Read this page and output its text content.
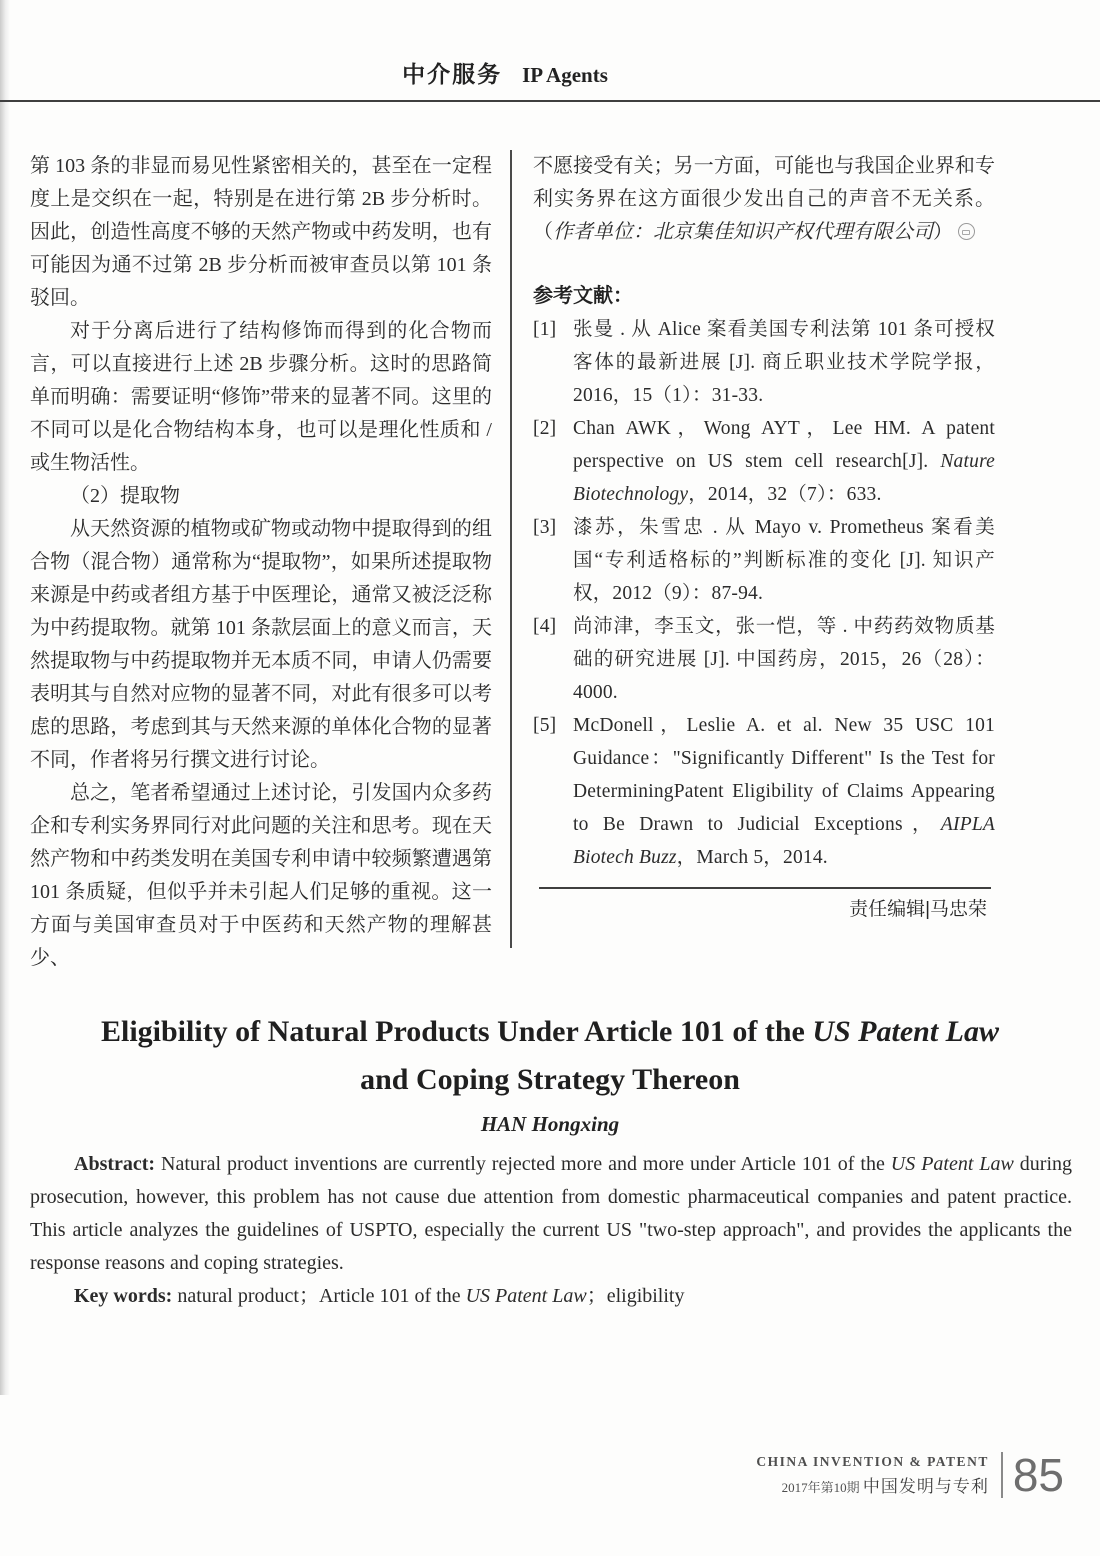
中介服务 IP Agents

第 103 条的非显而易见性紧密相关的，甚至在一定程度上是交织在一起，特别是在进行第 2B 步分析时。因此，创造性高度不够的天然产物或中药发明，也有可能因为通不过第 2B 步分析而被审查员以第 101 条驳回。

对于分离后进行了结构修饰而得到的化合物而言，可以直接进行上述 2B 步骤分析。这时的思路简单而明确：需要证明“修饰”带来的显著不同。这里的不同可以是化合物结构本身，也可以是理化性质和 / 或生物活性。

（2）提取物

从天然资源的植物或矿物或动物中提取得到的组合物（混合物）通常称为“提取物”，如果所述提取物来源是中药或者组方基于中医理论，通常又被泛泛称为中药提取物。就第 101 条款层面上的意义而言，天然提取物与中药提取物并无本质不同，申请人仍需要表明其与自然对应物的显著不同，对此有很多可以考虑的思路，考虑到其与天然来源的单体化合物的显著不同，作者将另行撰文进行讨论。

总之，笔者希望通过上述讨论，引发国内众多药企和专利实务界同行对此问题的关注和思考。现在天然产物和中药类发明在美国专利申请中较频繁遭遇第 101 条质疑，但似乎并未引起人们足够的重视。这一方面与美国审查员对于中医药和天然产物的理解甚少、

不愿接受有关；另一方面，可能也与我国企业界和专利实务界在这方面很少发出自己的声音不无关系。（作者单位：北京集佳知识产权代理有限公司）

参考文献：

[1] 张曼 . 从 Alice 案看美国专利法第 101 条可授权客体的最新进展 [J]. 商丘职业技术学院学报，2016，15（1）：31-33.
[2] Chan AWK，Wong AYT，Lee HM. A patent perspective on US stem cell research[J]. Nature Biotechnology，2014，32（7）：633.
[3] 漆苏，朱雪忠 . 从 Mayo v. Prometheus 案看美国“专利适格标的”判断标准的变化 [J]. 知识产权，2012（9）：87-94.
[4] 尚沛津，李玉文，张一恺，等 . 中药药效物质基础的研究进展 [J]. 中国药房，2015，26（28）：4000.
[5] McDonell，Leslie A. et al. New 35 USC 101 Guidance："Significantly Different" Is the Test for DeterminingPatent Eligibility of Claims Appearing to Be Drawn to Judicial Exceptions，AIPLA Biotech Buzz，March 5，2014.

责任编辑|马忠荣

Eligibility of Natural Products Under Article 101 of the US Patent Law
and Coping Strategy Thereon

HAN Hongxing

Abstract: Natural product inventions are currently rejected more and more under Article 101 of the US Patent Law during prosecution, however, this problem has not cause due attention from domestic pharmaceutical companies and patent practice. This article analyzes the guidelines of USPTO, especially the current US "two-step approach", and provides the applicants the response reasons and coping strategies.

Key words: natural product；Article 101 of the US Patent Law；eligibility

CHINA INVENTION & PATENT
2017年第10期 中国发明与专利 85
